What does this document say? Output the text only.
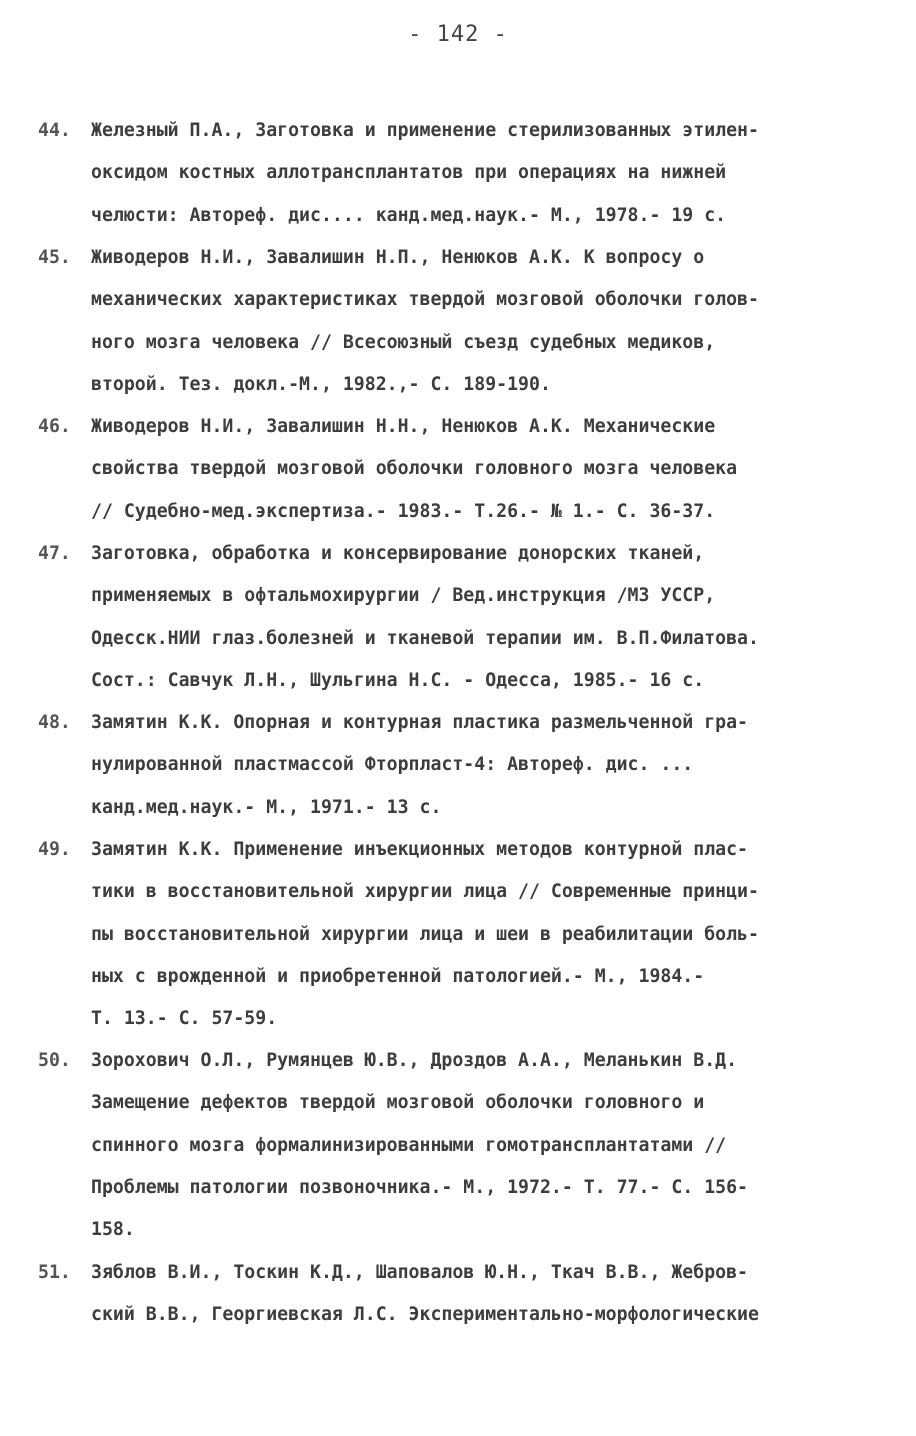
- 142 -
44. Железный П.А., Заготовка и применение стерилизованных этилен-
оксидом костных аллотрансплантатов при операциях на нижней
челюсти: Автореф. дис.... канд.мед.наук.- М., 1978.- 19 с.
45. Живодеров Н.И., Завалишин Н.П., Ненюков А.К. К вопросу о
механических характеристиках твердой мозговой оболочки голов-
ного мозга человека // Всесоюзный съезд судебных медиков,
второй. Тез. докл.-М., 1982.,- С. 189-190.
46. Живодеров Н.И., Завалишин Н.Н., Ненюков А.К. Механические
свойства твердой мозговой оболочки головного мозга человека
// Судебно-мед.экспертиза.- 1983.- Т.26.- № 1.- С. 36-37.
47. Заготовка, обработка и консервирование донорских тканей,
применяемых в офтальмохирургии / Вед.инструкция /МЗ УССР,
Одесск.НИИ глаз.болезней и тканевой терапии им. В.П.Филатова.
Сост.: Савчук Л.Н., Шульгина Н.С. - Одесса, 1985.- 16 с.
48. Замятин К.К. Опорная и контурная пластика размельченной гра-
нулированной пластмассой Фторпласт-4: Автореф. дис. ...
канд.мед.наук.- М., 1971.- 13 с.
49. Замятин К.К. Применение инъекционных методов контурной плас-
тики в восстановительной хирургии лица // Современные принци-
пы восстановительной хирургии лица и шеи в реабилитации боль-
ных с врожденной и приобретенной патологией.- М., 1984.-
Т. 13.- С. 57-59.
50. Зорохович О.Л., Румянцев Ю.В., Дроздов А.А., Меланькин В.Д.
Замещение дефектов твердой мозговой оболочки головного и
спинного мозга формалинизированными гомотрансплантатами //
Проблемы патологии позвоночника.- М., 1972.- Т. 77.- С. 156-
158.
51. Зяблов В.И., Тоскин К.Д., Шаповалов Ю.Н., Ткач В.В., Жебров-
ский В.В., Георгиевская Л.С. Экспериментально-морфологические
